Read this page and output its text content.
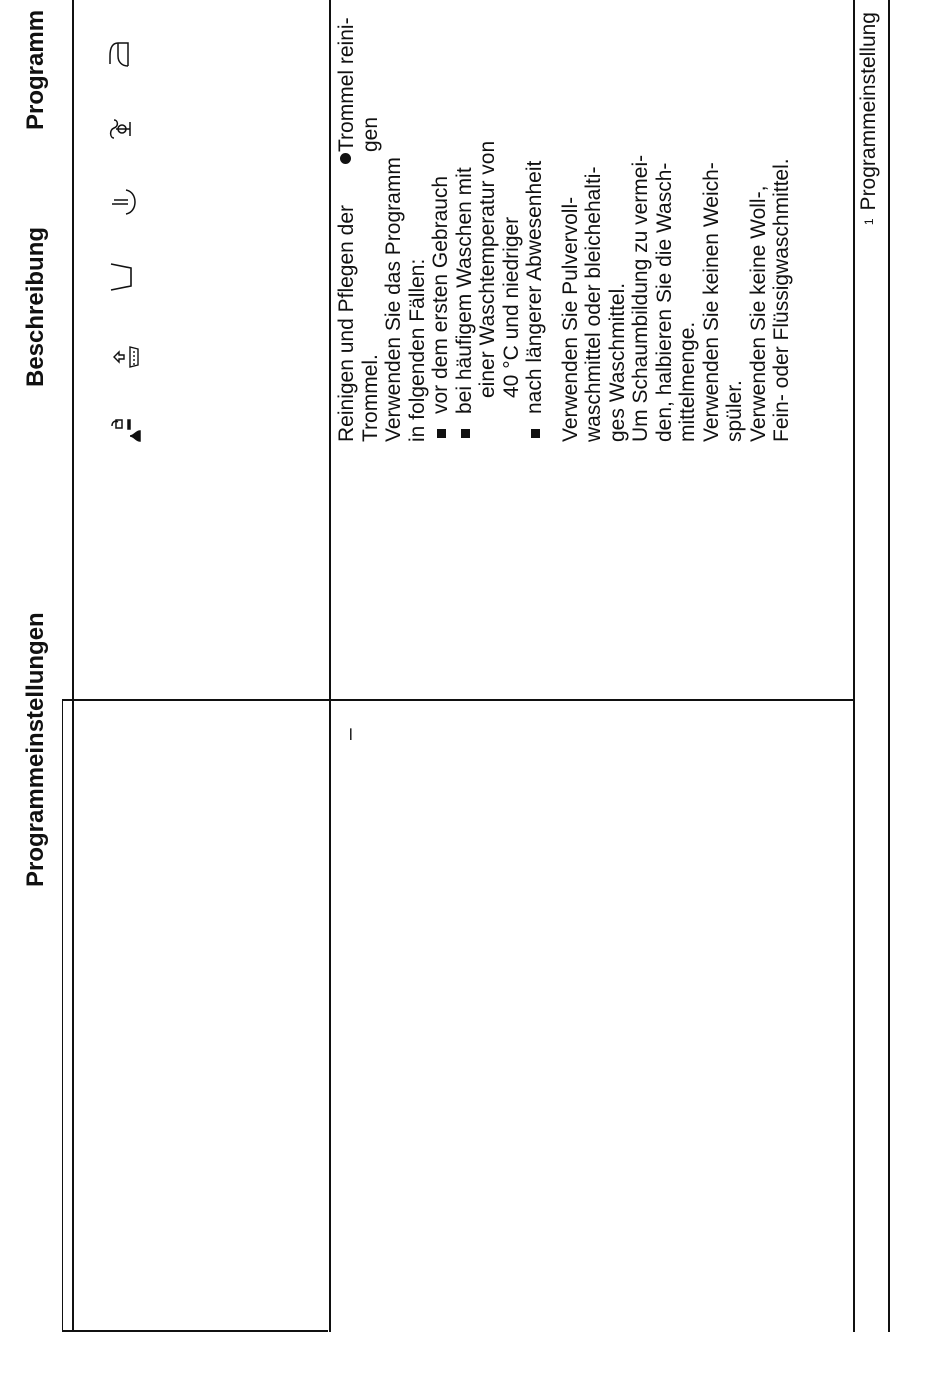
Programm
Beschreibung
Programmeinstellungen
Trommel reini- gen
Reinigen und Pflegen der Trommel. Verwenden Sie das Programm in folgenden Fällen: vor dem ersten Gebrauch bei häufigem Waschen mit einer Waschtemperatur von 40 °C und niedriger nach längerer Abwesenheit Verwenden Sie Pulvervoll- waschmittel oder bleichehalti- ges Waschmittel. Um Schaumbildung zu vermei- den, halbieren Sie die Wasch- mittelmenge. Verwenden Sie keinen Weich- spüler. Verwenden Sie keine Woll-, Fein- oder Flüssigwaschmittel.
–
$^1$Programmeinstellung
